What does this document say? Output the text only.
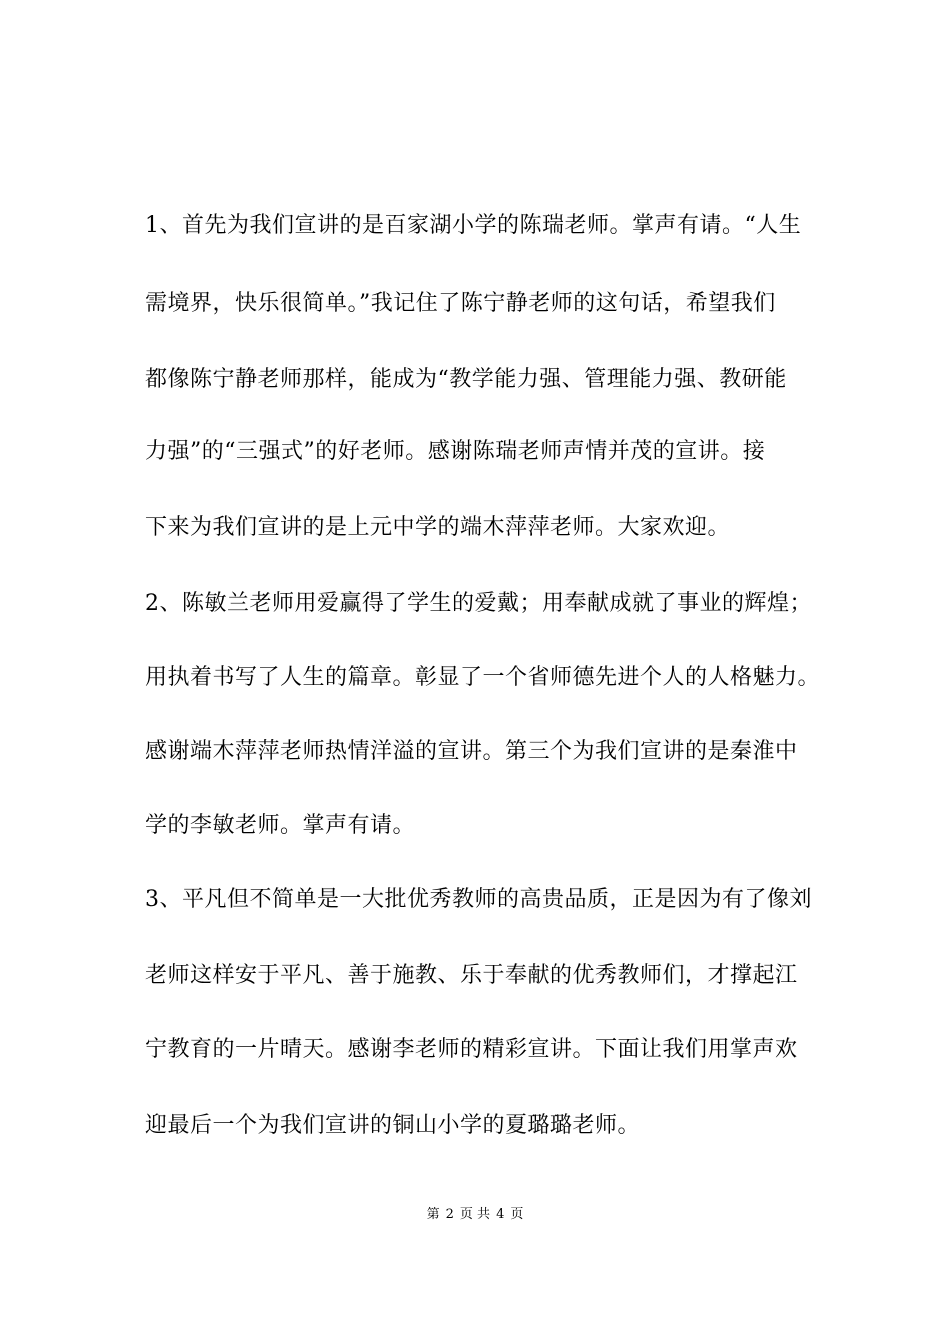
1、首先为我们宣讲的是百家湖小学的陈瑞老师。掌声有请。“人生
需境界，快乐很简单。”我记住了陈宁静老师的这句话，希望我们
都像陈宁静老师那样，能成为“教学能力强、管理能力强、教研能
力强”的“三强式”的好老师。感谢陈瑞老师声情并茂的宣讲。接
下来为我们宣讲的是上元中学的端木萍萍老师。大家欢迎。
2、陈敏兰老师用爱赢得了学生的爱戴；用奉献成就了事业的辉煌；
用执着书写了人生的篇章。彰显了一个省师德先进个人的人格魅力。
感谢端木萍萍老师热情洋溢的宣讲。第三个为我们宣讲的是秦淮中
学的李敏老师。掌声有请。
3、平凡但不简单是一大批优秀教师的高贵品质，正是因为有了像刘
老师这样安于平凡、善于施教、乐于奉献的优秀教师们，才撑起江
宁教育的一片晴天。感谢李老师的精彩宣讲。下面让我们用掌声欢
迎最后一个为我们宣讲的铜山小学的夏璐璐老师。
第 2 页 共 4 页
